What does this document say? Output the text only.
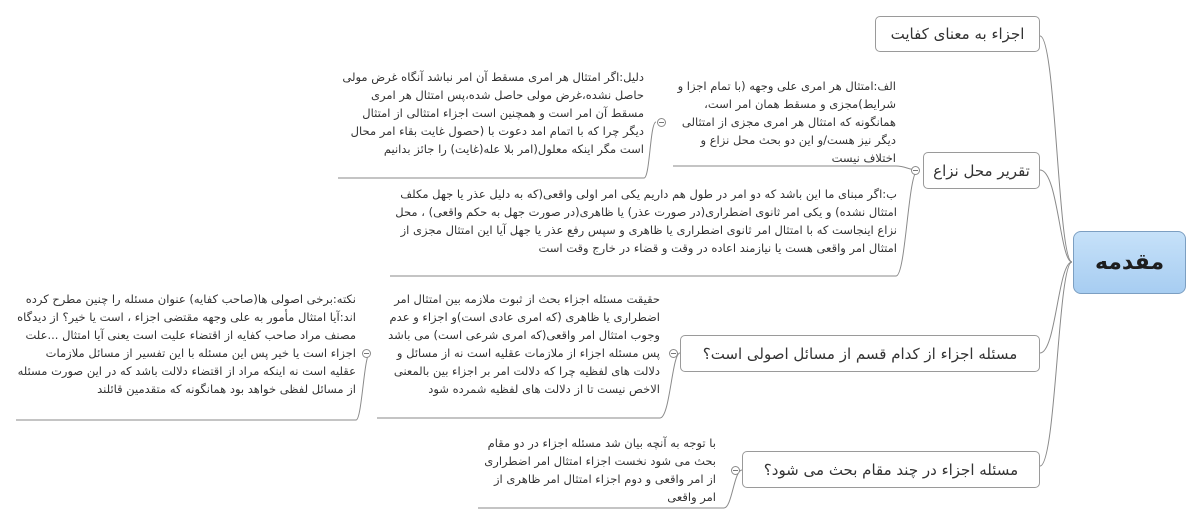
مقدمه
اجزاء به معنای کفایت
تقریر محل نزاع
مسئله اجزاء از کدام قسم از مسائل اصولی است؟
مسئله اجزاء در چند مقام بحث می شود؟
الف:امتثال هر امری علی وجهه (با تمام اجزا و شرایط)مجزی و مسقط همان امر است، همانگونه که امتثال هر امری مجزی از امتثالی دیگر نیز هست/و این دو بحث محل نزاع و اختلاف نیست
دلیل:اگر امتثال هر امری مسقط آن امر نباشد آنگاه غرض مولی حاصل نشده،غرض مولی حاصل شده،پس امتثال هر امری مسقط آن امر است و همچنین است اجزاء امتثالی از امتثال دیگر چرا که با اتمام امد دعوت با (حصول غایت بقاء امر محال است مگر اینکه معلول(امر بلا عله(غایت) را جائز بدانیم
ب:اگر مبنای ما این باشد که دو امر در طول هم داریم یکی امر اولی واقعی(که به دلیل عذر یا جهل مکلف امتثال نشده) و یکی امر ثانوی اضطراری(در صورت عذر) یا ظاهری(در صورت جهل به حکم واقعی) ، محل نزاع اینجاست که با امتثال امر ثانوی اضطراری یا ظاهری و سپس رفع عذر یا جهل آیا این امتثال مجزی از امتثال امر واقعی هست یا نیازمند اعاده در وقت و قضاء در خارج وقت است
حقیقت مسئله اجزاء بحث از ثبوت ملازمه بین امتثال امر اضطراری یا ظاهری (که امری عادی است)و اجزاء و عدم وجوب امتثال امر واقعی(که امری شرعی است) می باشد پس مسئله اجزاء از ملازمات عقلیه است نه از مسائل و دلالت های لفظیه چرا که دلالت امر بر اجزاء بین بالمعنی الاخص نیست تا از دلالت های لفظیه شمرده شود
نکته:برخی اصولی ها(صاحب کفایه) عنوان مسئله را چنین مطرح کرده اند:آیا امتثال مأمور به علی وجهه مقتضی اجزاء ، است یا خیر؟ از دیدگاه مصنف مراد صاحب کفایه از اقتضاء علیت است یعنی آیا امتثال ...علت اجزاء است یا خیر پس این مسئله با این تفسیر از مسائل ملازمات عقلیه است نه اینکه مراد از اقتضاء دلالت باشد که در این صورت مسئله از مسائل لفظی خواهد بود همانگونه که متقدمین قائلند
با توجه به آنچه بیان شد مسئله اجزاء در دو مقام بحث می شود نخست اجزاء امتثال امر اضطراری از امر واقعی و دوم اجزاء امتثال امر ظاهری از امر واقعی
